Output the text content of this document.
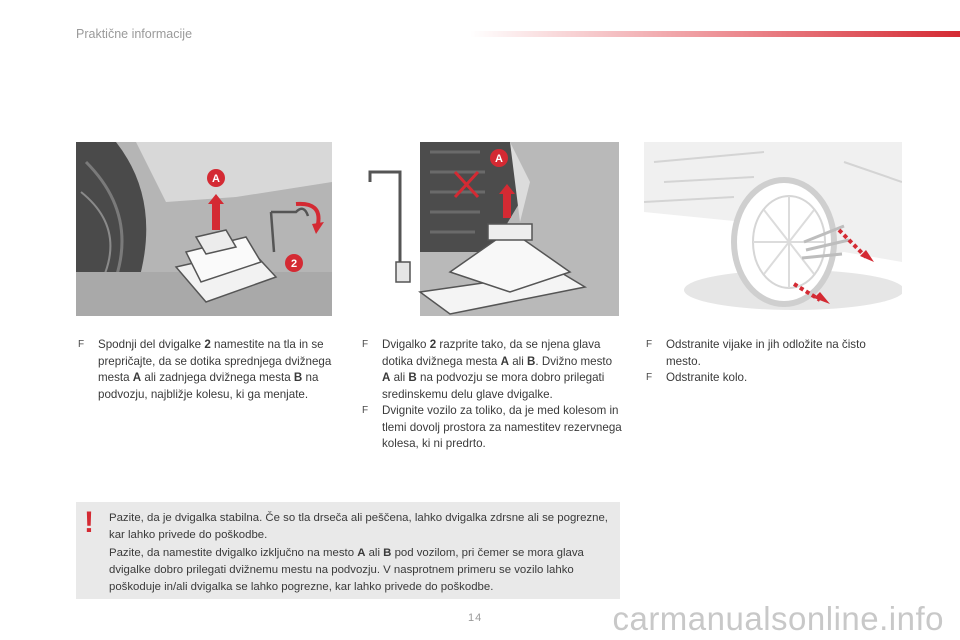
Praktične informacije
A
2
A

F Spodnji del dvigalke 2 namestite na tla in se prepričajte, da se dotika sprednjega dvižnega mesta A ali zadnjega dvižnega mesta B na podvozju, najbližje kolesu, ki ga menjate.

F Dvigalko 2 razprite tako, da se njena glava dotika dvižnega mesta A ali B. Dvižno mesto A ali B na podvozju se mora dobro prilegati sredinskemu delu glave dvigalke.

F Dvignite vozilo za toliko, da je med kolesom in tlemi dovolj prostora za namestitev rezervnega kolesa, ki ni predrto.

F Odstranite vijake in jih odložite na čisto mesto.

F Odstranite kolo.

! Pazite, da je dvigalka stabilna. Če so tla drseča ali peščena, lahko dvigalka zdrsne ali se pogrezne, kar lahko privede do poškodbe.
Pazite, da namestite dvigalko izključno na mesto A ali B pod vozilom, pri čemer se mora glava dvigalke dobro prilegati dvižnemu mestu na podvozju. V nasprotnem primeru se vozilo lahko poškoduje in/ali dvigalka se lahko pogrezne, kar lahko privede do poškodbe.
14	carmanualsonline.info
